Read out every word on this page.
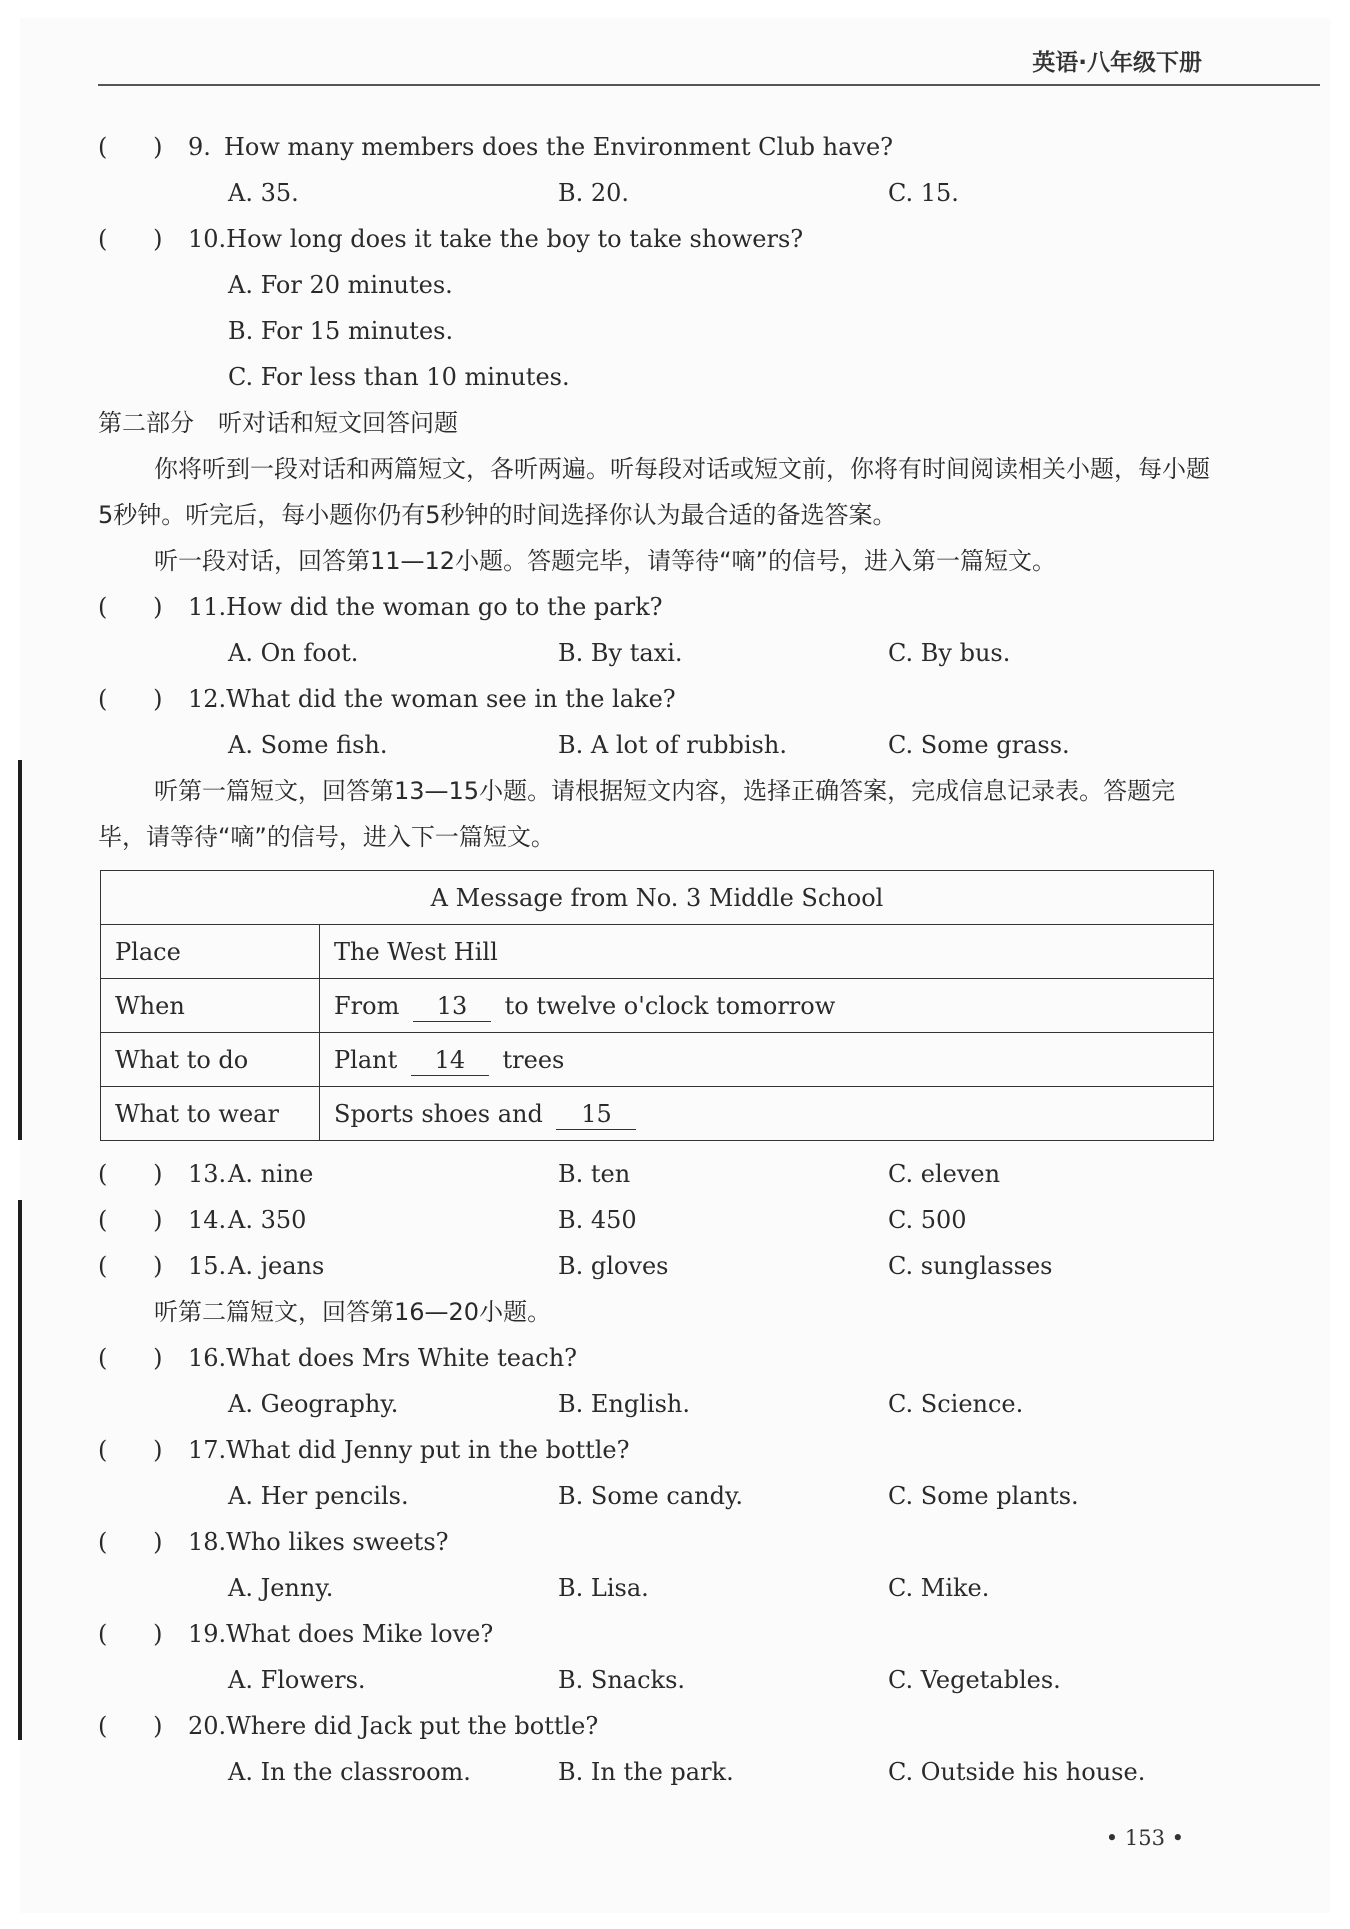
英语·八年级下册
(      )	9. How many members does the Environment Club have?
A. 35.	B. 20.	C. 15.
(      )	10. How long does it take the boy to take showers?
A. For 20 minutes.
B. For 15 minutes.
C. For less than 10 minutes.
第二部分　听对话和短文回答问题
你将听到一段对话和两篇短文，各听两遍。听每段对话或短文前，你将有时间阅读相关小题，每小题5秒钟。听完后，每小题你仍有5秒钟的时间选择你认为最合适的备选答案。
听一段对话，回答第11—12小题。答题完毕，请等待“嘀”的信号，进入第一篇短文。
(      )	11. How did the woman go to the park?
A. On foot.	B. By taxi.	C. By bus.
(      )	12. What did the woman see in the lake?
A. Some fish.	B. A lot of rubbish.	C. Some grass.
听第一篇短文，回答第13—15小题。请根据短文内容，选择正确答案，完成信息记录表。答题完毕，请等待“嘀”的信号，进入下一篇短文。
A Message from No. 3 Middle School	
Place	The West Hill
When	From 13 to twelve o'clock tomorrow
What to do	Plant 14 trees
What to wear	Sports shoes and 15
(      )	13. A. nine	B. ten	C. eleven
(      )	14. A. 350	B. 450	C. 500
(      )	15. A. jeans	B. gloves	C. sunglasses
听第二篇短文，回答第16—20小题。
(      )	16. What does Mrs White teach?
A. Geography.	B. English.	C. Science.
(      )	17. What did Jenny put in the bottle?
A. Her pencils.	B. Some candy.	C. Some plants.
(      )	18. Who likes sweets?
A. Jenny.	B. Lisa.	C. Mike.
(      )	19. What does Mike love?
A. Flowers.	B. Snacks.	C. Vegetables.
(      )	20. Where did Jack put the bottle?
A. In the classroom.	B. In the park.	C. Outside his house.
• 153 •
